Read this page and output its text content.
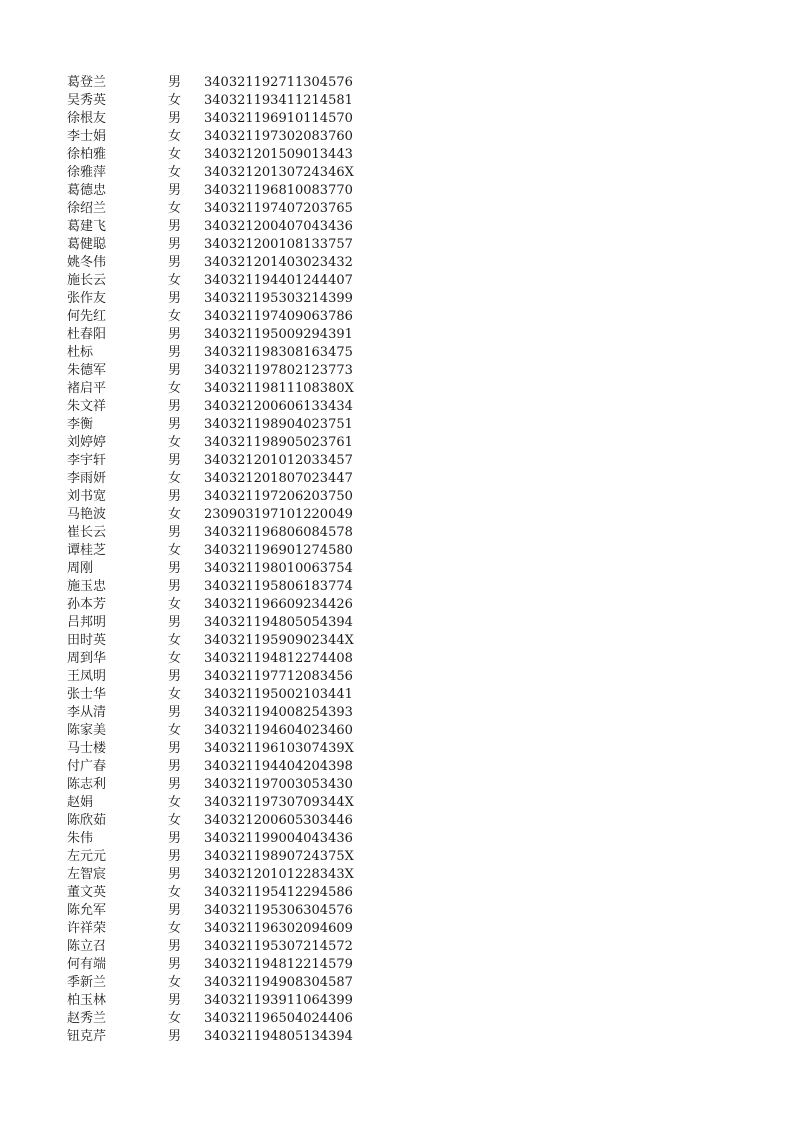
葛登兰	男 340321192711304576
吴秀英	女 340321193411214581
徐根友	男 340321196910114570
李士娟	女 340321197302083760
徐柏雅	女 340321201509013443
徐雅萍	女 34032120130724346X
葛德忠	男 340321196810083770
徐绍兰	女 340321197407203765
葛建飞	男 340321200407043436
葛健聪	男 340321200108133757
姚冬伟	男 340321201403023432
施长云	女 340321194401244407
张作友	男 340321195303214399
何先红	女 340321197409063786
杜春阳	男 340321195009294391
杜标	男 340321198308163475
朱德军	男 340321197802123773
褚启平	女 34032119811108380X
朱文祥	男 340321200606133434
李衡	男 340321198904023751
刘婷婷	女 340321198905023761
李宇轩	男 340321201012033457
李雨妍	女 340321201807023447
刘书宽	男 340321197206203750
马艳波	女 230903197101220049
崔长云	男 340321196806084578
谭桂芝	女 340321196901274580
周刚	男 340321198010063754
施玉忠	男 340321195806183774
孙本芳	女 340321196609234426
吕邦明	男 340321194805054394
田时英	女 34032119590902344X
周到华	女 340321194812274408
王凤明	男 340321197712083456
张士华	女 340321195002103441
李从清	男 340321194008254393
陈家美	女 340321194604023460
马士楼	男 34032119610307439X
付广春	男 340321194404204398
陈志利	男 340321197003053430
赵娟	女 34032119730709344X
陈欣茹	女 340321200605303446
朱伟	男 340321199004043436
左元元	男 34032119890724375X
左智宸	男 34032120101228343X
董文英	女 340321195412294586
陈允军	男 340321195306304576
许祥荣	女 340321196302094609
陈立召	男 340321195307214572
何有端	男 340321194812214579
季新兰	女 340321194908304587
柏玉林	男 340321193911064399
赵秀兰	女 340321196504024406
钮克芹	男 340321194805134394
